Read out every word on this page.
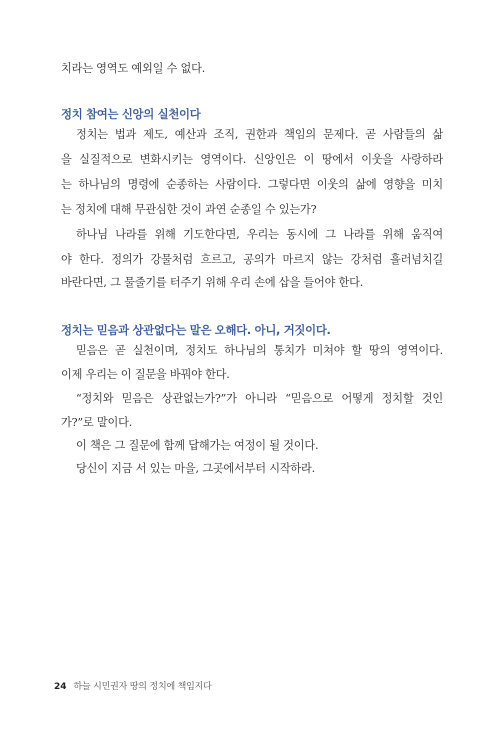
치라는 영역도 예외일 수 없다.
정치 참여는 신앙의 실천이다
정치는 법과 제도, 예산과 조직, 권한과 책임의 문제다. 곧 사람들의 삶
을 실질적으로 변화시키는 영역이다. 신앙인은 이 땅에서 이웃을 사랑하라
는 하나님의 명령에 순종하는 사람이다. 그렇다면 이웃의 삶에 영향을 미치
는 정치에 대해 무관심한 것이 과연 순종일 수 있는가?
하나님 나라를 위해 기도한다면, 우리는 동시에 그 나라를 위해 움직여
야 한다. 정의가 강물처럼 흐르고, 공의가 마르지 않는 강처럼 흘러넘치길
바란다면, 그 물줄기를 터주기 위해 우리 손에 삽을 들어야 한다.
정치는 믿음과 상관없다는 말은 오해다. 아니, 거짓이다.
믿음은 곧 실천이며, 정치도 하나님의 통치가 미쳐야 할 땅의 영역이다.
이제 우리는 이 질문을 바꿔야 한다.
“정치와 믿음은 상관없는가?”가 아니라 “믿음으로 어떻게 정치할 것인
가?”로 말이다.
이 책은 그 질문에 함께 답해가는 여정이 될 것이다.
당신이 지금 서 있는 마을, 그곳에서부터 시작하라.
24 하늘 시민권자 땅의 정치에 책임지다
